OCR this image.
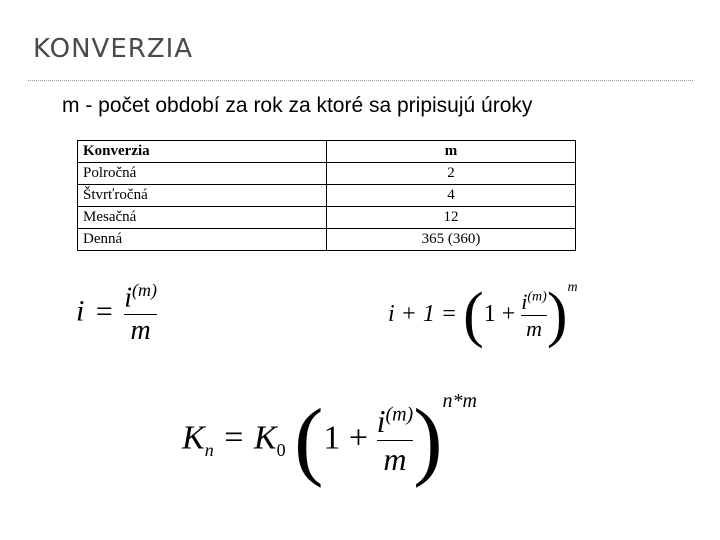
KONVERZIA
m - počet období za rok za ktoré sa pripisujú úroky
Konverzia	m
Polročná	2
Štvrťročná	4
Mesačná	12
Denná	365 (360)
$i = \frac{i^{(m)}}{m}$	$i + 1 = (1 + \frac{i^{(m)}}{m} )^m$
$K_n = K_0$ $(1 + \frac{i^{(m)}}{m} )^{n*m}$
